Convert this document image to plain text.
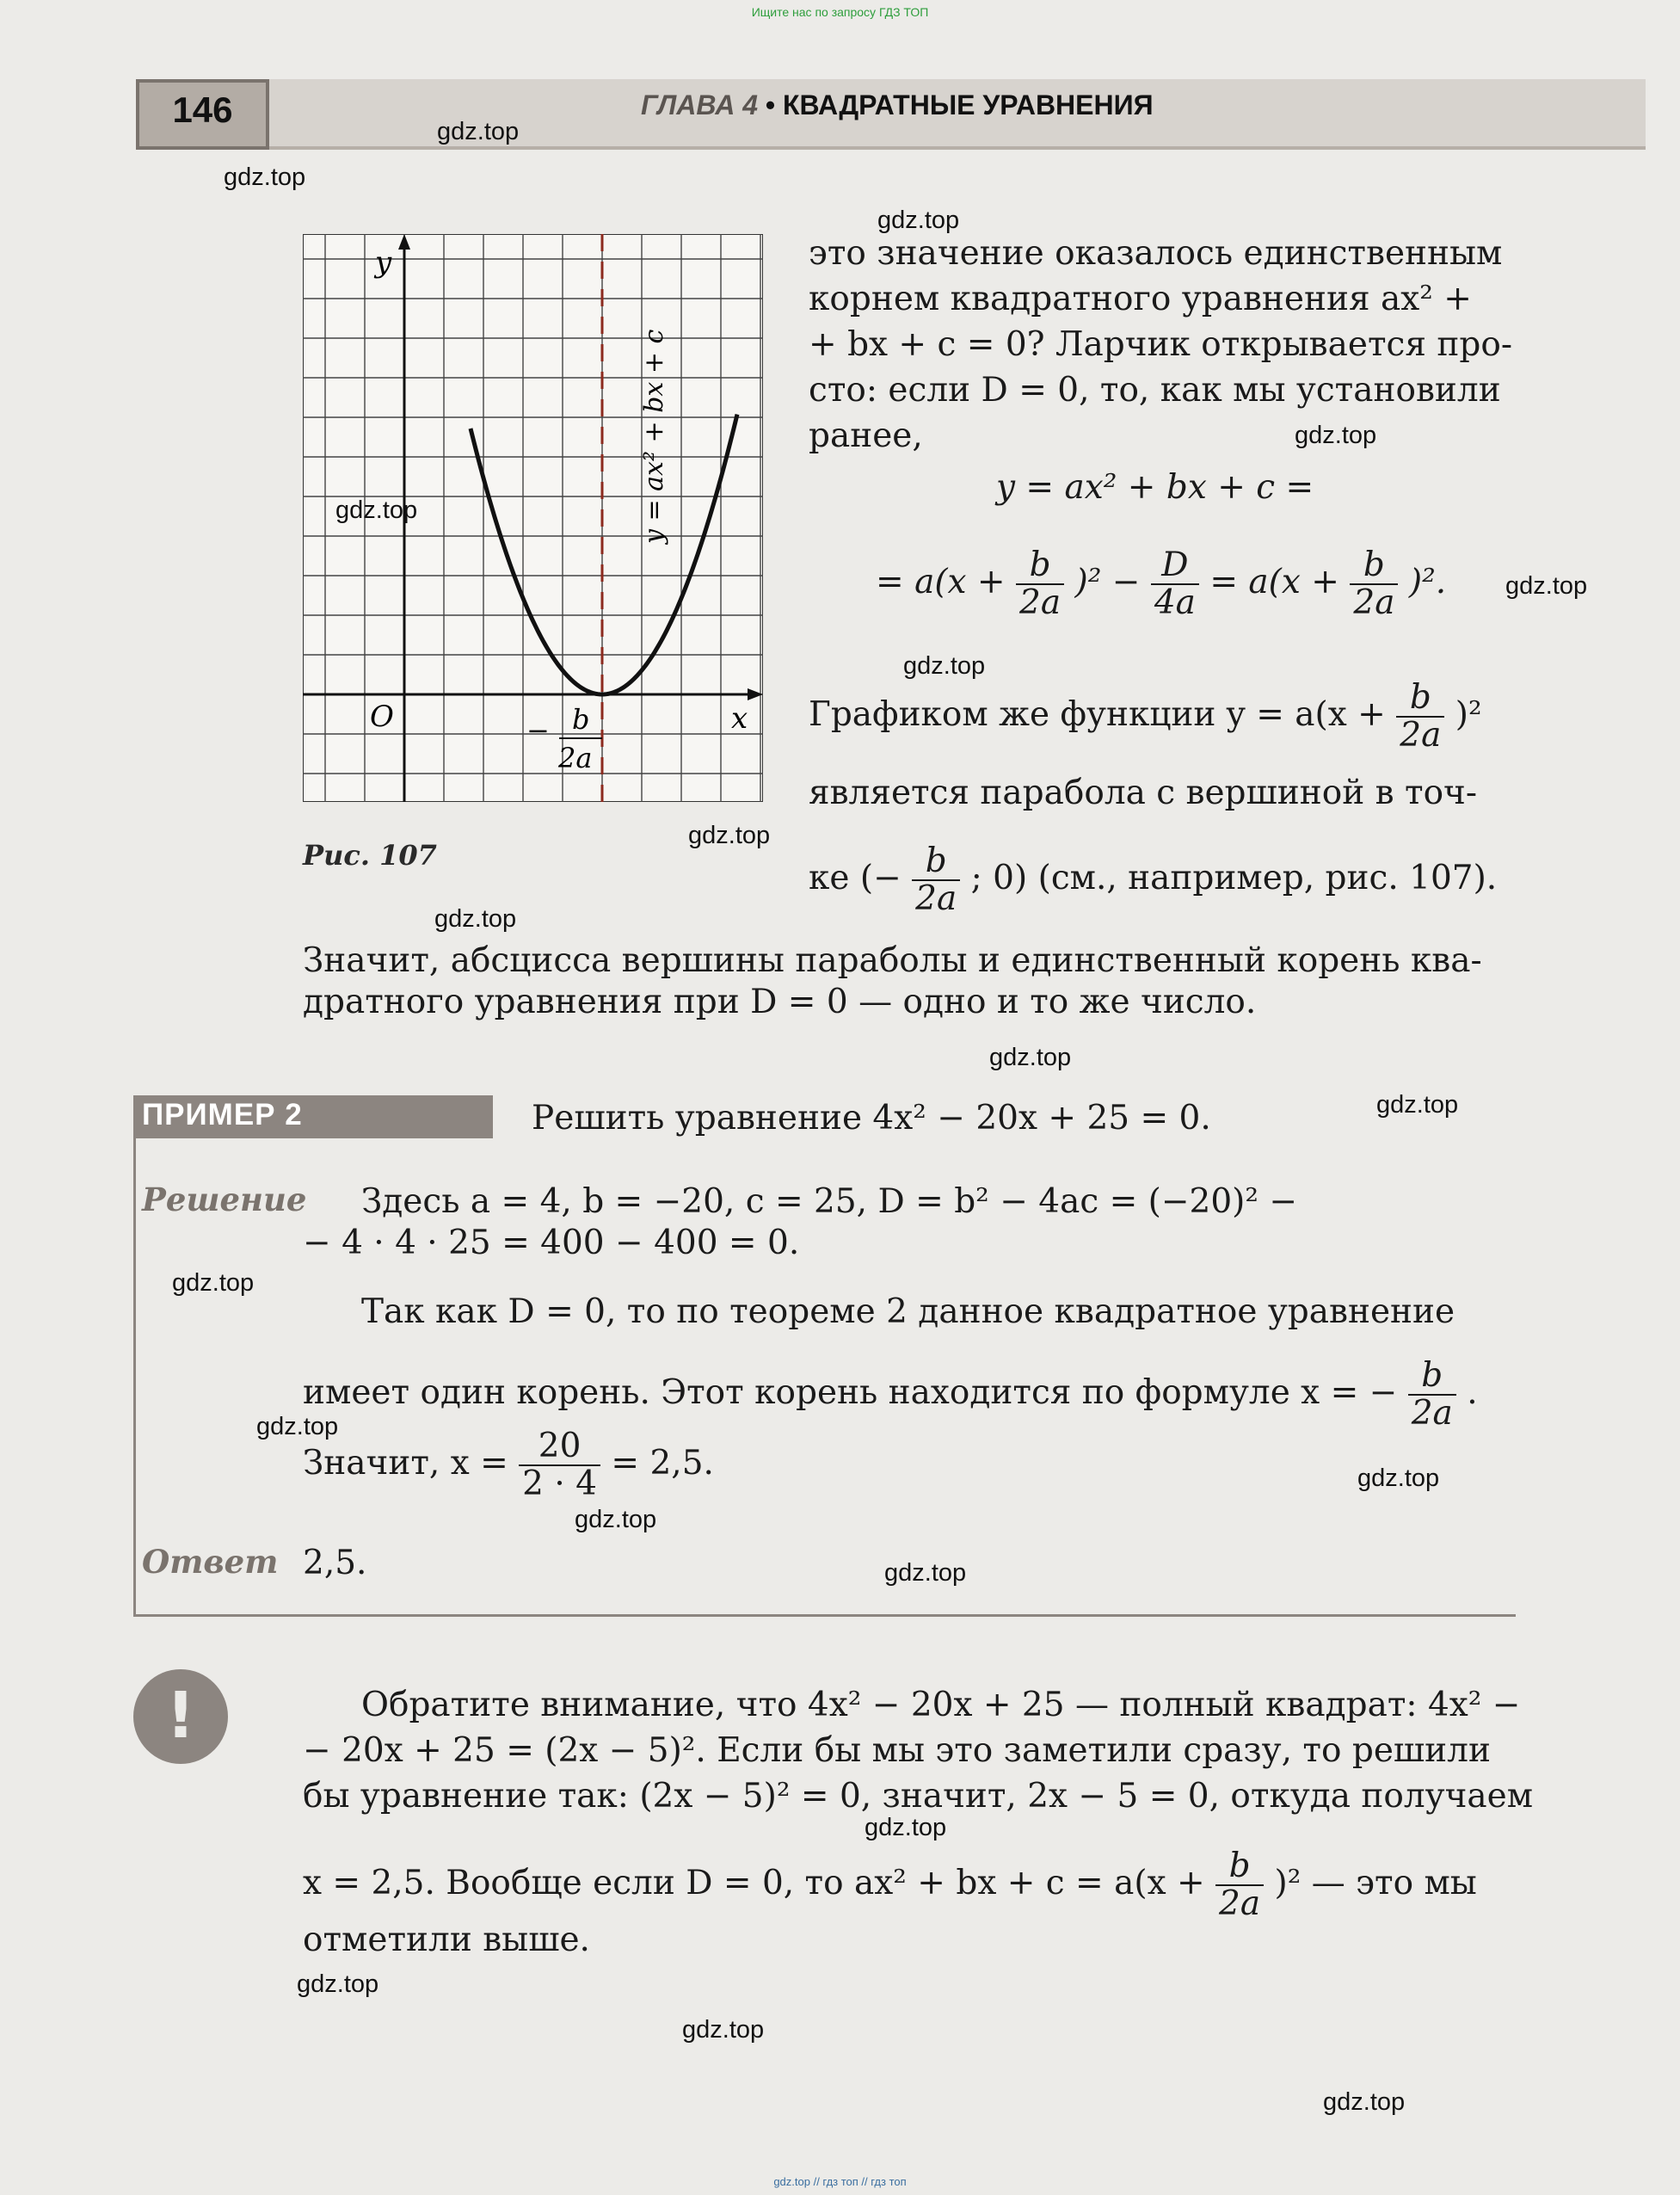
Ищите нас по запросу ГДЗ ТОП
gdz.top // гдз топ // гдз топ
146	ГЛАВА 4 • КВАДРАТНЫЕ УРАВНЕНИЯ
y
x
O	− b
2a
y = ax² + bx + c
Рис. 107
это значение оказалось единственным
корнем квадратного уравнения ax² +
+ bx + c = 0? Ларчик открывается про-
сто: если D = 0, то, как мы установили
ранее,
y = ax² + bx + c =
= $a(x + \frac{b}{2a} )^2 - \frac{D}{4a} = a(x + \frac{b}{2a} )^2$.
Графиком же функции $y = a(x + \frac{b}{2a} )^2$
является парабола с вершиной в точ-
ке (− $\frac{b}{2a}$ ; 0) (см., например, рис. 107).
Значит, абсцисса вершины параболы и единственный корень ква-
дратного уравнения при D = 0 — одно и то же число.
ПРИМЕР 2	Решить уравнение 4x² − 20x + 25 = 0.
Решение Здесь a = 4, b = −20, c = 25, D = b² − 4ac = (−20)² −
− 4 · 4 · 25 = 400 − 400 = 0.
Так как D = 0, то по теореме 2 данное квадратное уравнение
имеет один корень. Этот корень находится по формуле x = − $\frac{b}{2a}$ .
Значит, $x = \frac{20}{2 \cdot 4} = 2,5$.
Ответ 2,5.
!	Обратите внимание, что 4x² − 20x + 25 — полный квадрат: 4x² −
− 20x + 25 = (2x − 5)². Если бы мы это заметили сразу, то решили
бы уравнение так: (2x − 5)² = 0, значит, 2x − 5 = 0, откуда получаем
x = 2,5. Вообще если D = 0, то ax² + bx + $c = a(x + \frac{b}{2a} )^2$ — это мы
отметили выше.
gdz.top
gdz.top
gdz.top
gdz.top
gdz.top
gdz.top
gdz.top
gdz.top
gdz.top
gdz.top
gdz.top
gdz.top
gdz.top
gdz.top
gdz.top
gdz.top
gdz.top
gdz.top
gdz.top
gdz.top
